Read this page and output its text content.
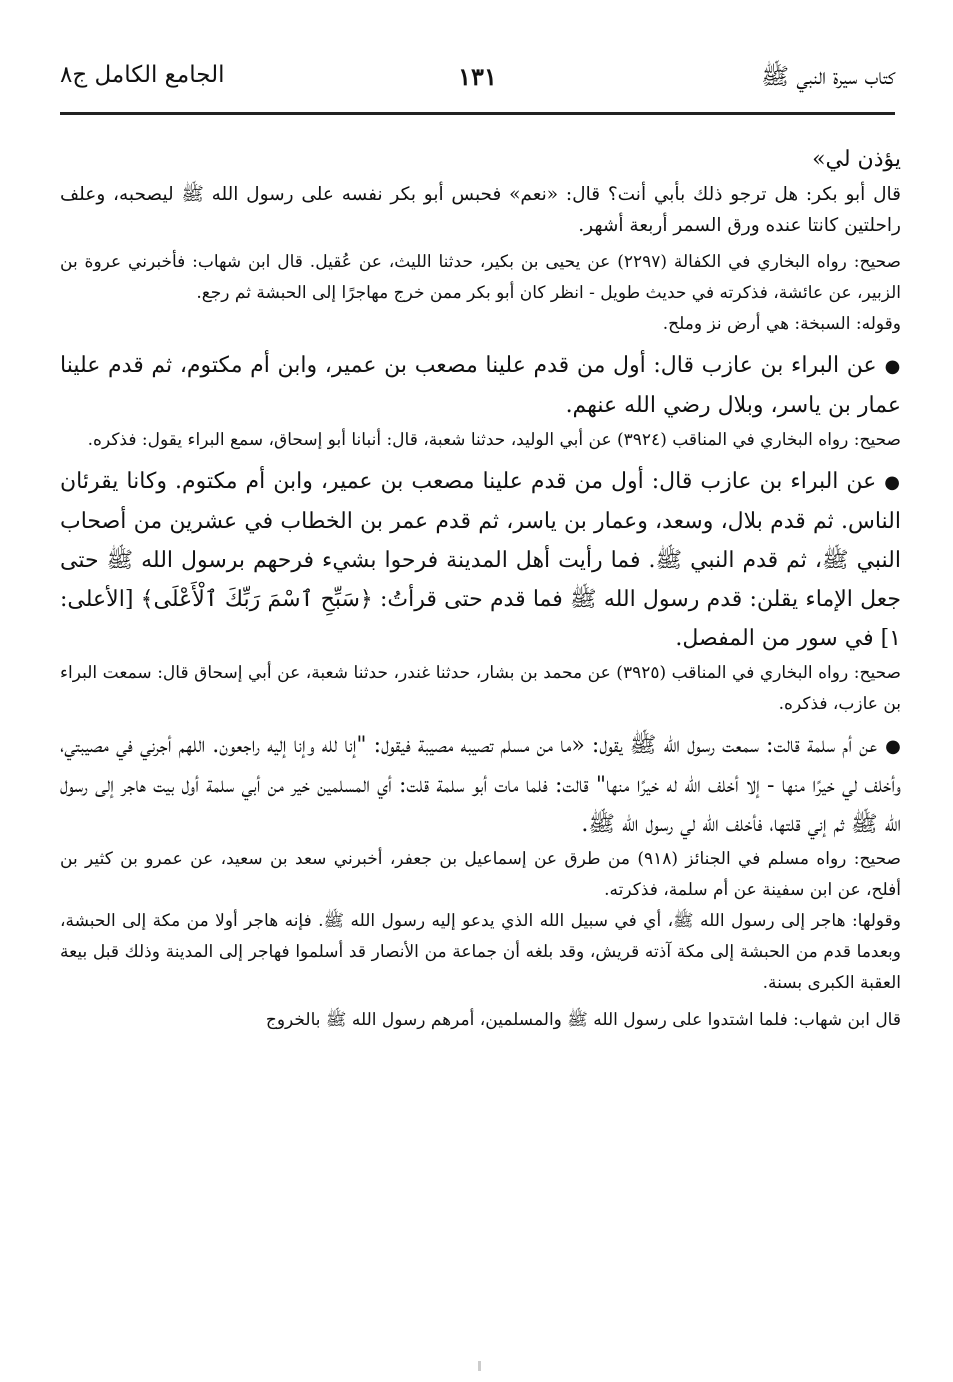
كتاب سيرة النبي ﷺ
١٣١
الجامع الكامل ج٨

يؤذن لي»

قال أبو بكر: هل ترجو ذلك بأبي أنت؟ قال: «نعم» فحبس أبو بكر نفسه على رسول الله ﷺ ليصحبه، وعلف راحلتين كانتا عنده ورق السمر أربعة أشهر.

صحيح: رواه البخاري في الكفالة (٢٢٩٧) عن يحيى بن بكير، حدثنا الليث، عن عُقيل. قال ابن شهاب: فأخبرني عروة بن الزبير، عن عائشة، فذكرته في حديث طويل - انظر كان أبو بكر ممن خرج مهاجرًا إلى الحبشة ثم رجع.

وقوله: السبخة: هي أرض نز وملح.

●عن البراء بن عازب قال: أول من قدم علينا مصعب بن عمير، وابن أم مكتوم، ثم قدم علينا عمار بن ياسر، وبلال رضي الله عنهم.

صحيح: رواه البخاري في المناقب (٣٩٢٤) عن أبي الوليد، حدثنا شعبة، قال: أنبانا أبو إسحاق، سمع البراء يقول: فذكره.

●عن البراء بن عازب قال: أول من قدم علينا مصعب بن عمير، وابن أم مكتوم. وكانا يقرئان الناس. ثم قدم بلال، وسعد، وعمار بن ياسر، ثم قدم عمر بن الخطاب في عشرين من أصحاب النبي ﷺ، ثم قدم النبي ﷺ. فما رأيت أهل المدينة فرحوا بشيء فرحهم برسول الله ﷺ حتى جعل الإماء يقلن: قدم رسول الله ﷺ فما قدم حتى قرأتُ: ﴿سَبِّحِ ٱسْمَ رَبِّكَ ٱلْأَعْلَى﴾ [الأعلى: ١] في سور من المفصل.

صحيح: رواه البخاري في المناقب (٣٩٢٥) عن محمد بن بشار، حدثنا غندر، حدثنا شعبة، عن أبي إسحاق قال: سمعت البراء بن عازب، فذكره.

●عن أم سلمة قالت: سمعت رسول الله ﷺ يقول: «ما من مسلم تصيبه مصيبة فيقول: "إنا لله وإنا إليه راجعون. اللهم أجرني في مصيبتي، وأخلف لي خيرًا منها - إلا أخلف الله له خيرًا منها" قالت: فلما مات أبو سلمة قلت: أي المسلمين خير من أبي سلمة أول بيت هاجر إلى رسول الله ﷺ ثم إني قلتها، فأخلف الله لي رسول الله ﷺ.

صحيح: رواه مسلم في الجنائز (٩١٨) من طرق عن إسماعيل بن جعفر، أخبرني سعد بن سعيد، عن عمرو بن كثير بن أفلح، عن ابن سفينة عن أم سلمة، فذكرته.

وقولها: هاجر إلى رسول الله ﷺ، أي في سبيل الله الذي يدعو إليه رسول الله ﷺ. فإنه هاجر أولا من مكة إلى الحبشة، وبعدما قدم من الحبشة إلى مكة آذته قريش، وقد بلغه أن جماعة من الأنصار قد أسلموا فهاجر إلى المدينة وذلك قبل بيعة العقبة الكبرى بسنة.

قال ابن شهاب: فلما اشتدوا على رسول الله ﷺ والمسلمين، أمرهم رسول الله ﷺ بالخروج
